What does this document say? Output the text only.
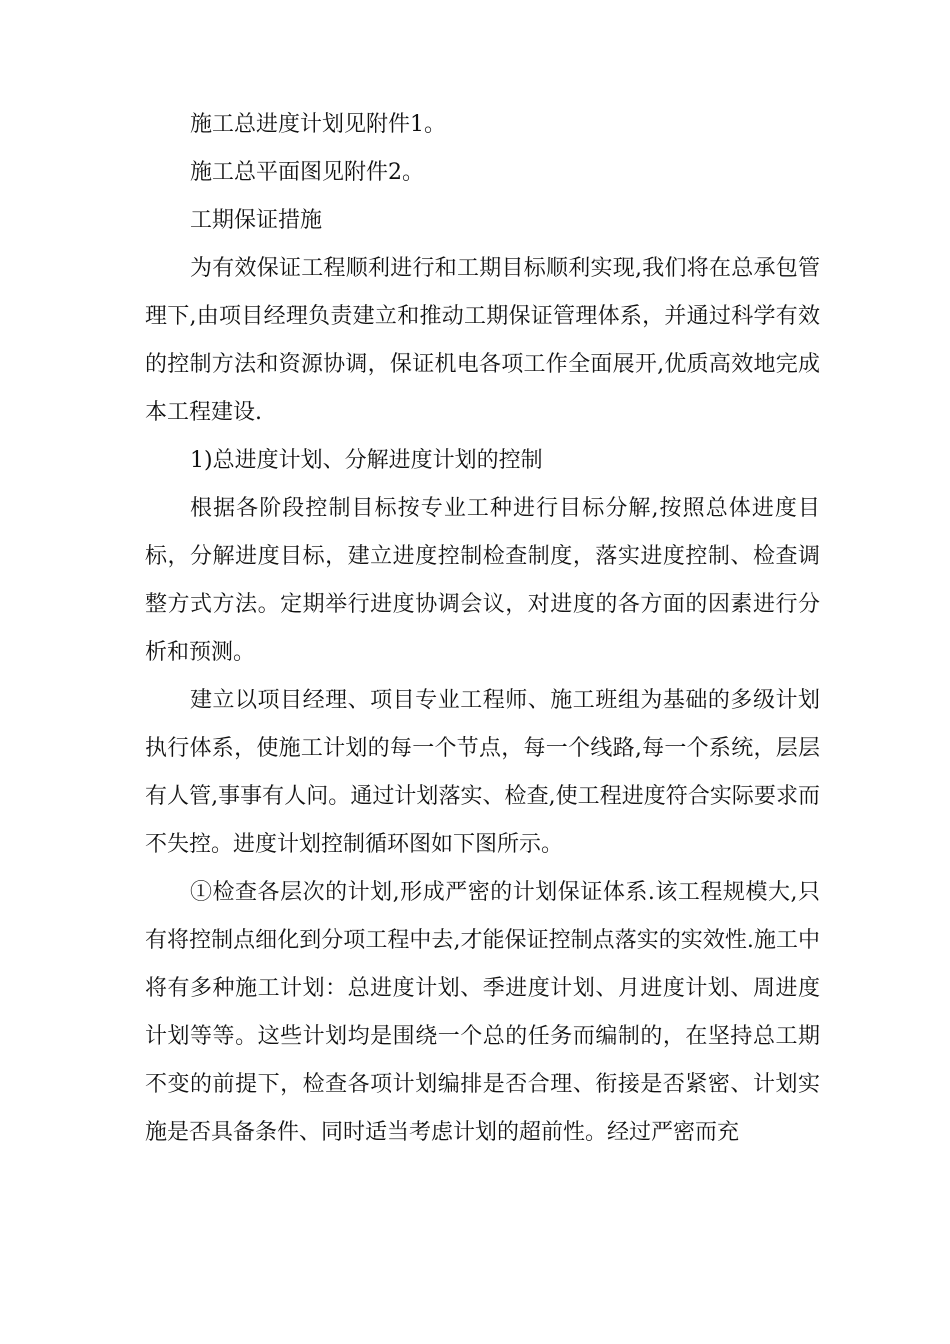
施工总进度计划见附件1。

施工总平面图见附件2。

工期保证措施

为有效保证工程顺利进行和工期目标顺利实现,我们将在总承包管理下,由项目经理负责建立和推动工期保证管理体系，并通过科学有效的控制方法和资源协调，保证机电各项工作全面展开,优质高效地完成本工程建设.

1)总进度计划、分解进度计划的控制

根据各阶段控制目标按专业工种进行目标分解,按照总体进度目标，分解进度目标，建立进度控制检查制度，落实进度控制、检查调整方式方法。定期举行进度协调会议，对进度的各方面的因素进行分析和预测。

建立以项目经理、项目专业工程师、施工班组为基础的多级计划执行体系，使施工计划的每一个节点，每一个线路,每一个系统，层层有人管,事事有人问。通过计划落实、检查,使工程进度符合实际要求而不失控。进度计划控制循环图如下图所示。

①检查各层次的计划,形成严密的计划保证体系.该工程规模大,只有将控制点细化到分项工程中去,才能保证控制点落实的实效性.施工中将有多种施工计划：总进度计划、季进度计划、月进度计划、周进度计划等等。这些计划均是围绕一个总的任务而编制的，在坚持总工期不变的前提下，检查各项计划编排是否合理、衔接是否紧密、计划实施是否具备条件、同时适当考虑计划的超前性。经过严密而充
